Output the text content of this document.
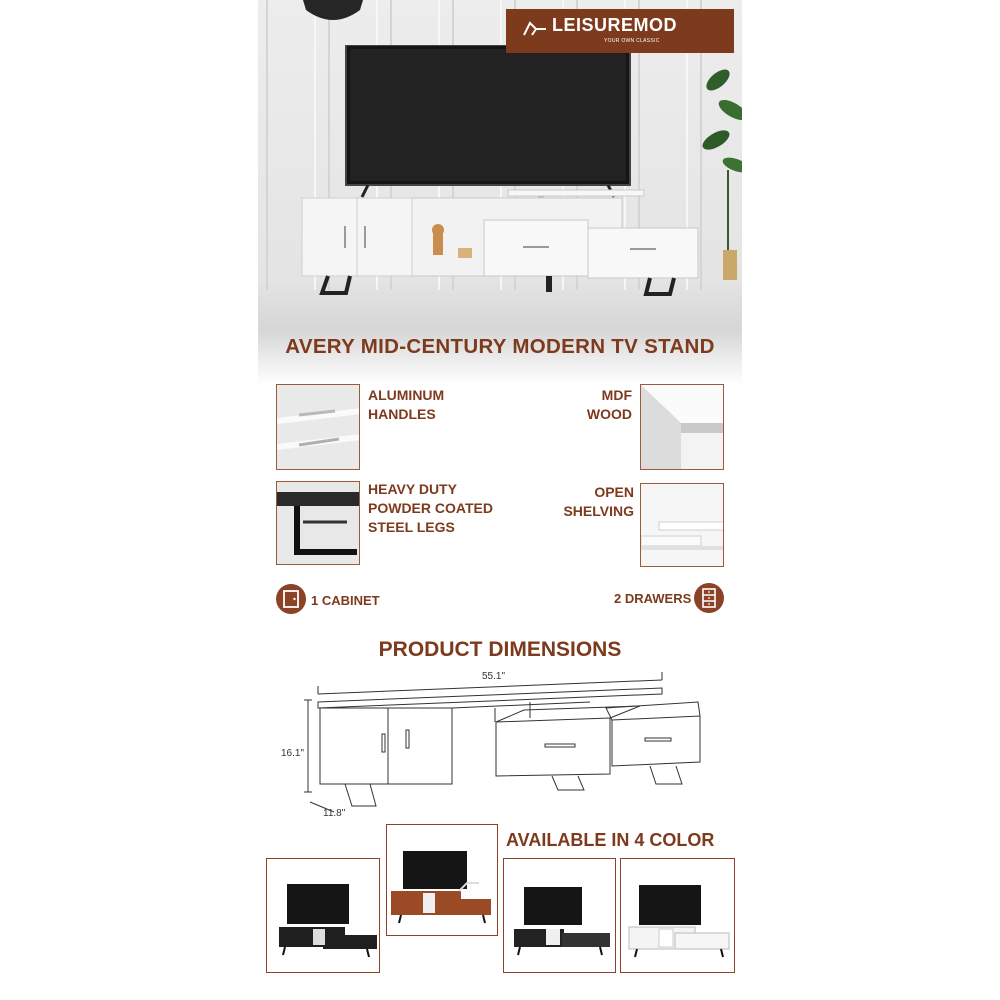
LEISUREMOD
YOUR OWN CLASSIC
AVERY MID-CENTURY MODERN TV STAND
ALUMINUM
HANDLES
MDF
WOOD
HEAVY DUTY
POWDER COATED
STEEL LEGS
OPEN
SHELVING
1 CABINET	2 DRAWERS
PRODUCT DIMENSIONS
55.1"
16.1"
11.8"
AVAILABLE IN 4 COLOR
